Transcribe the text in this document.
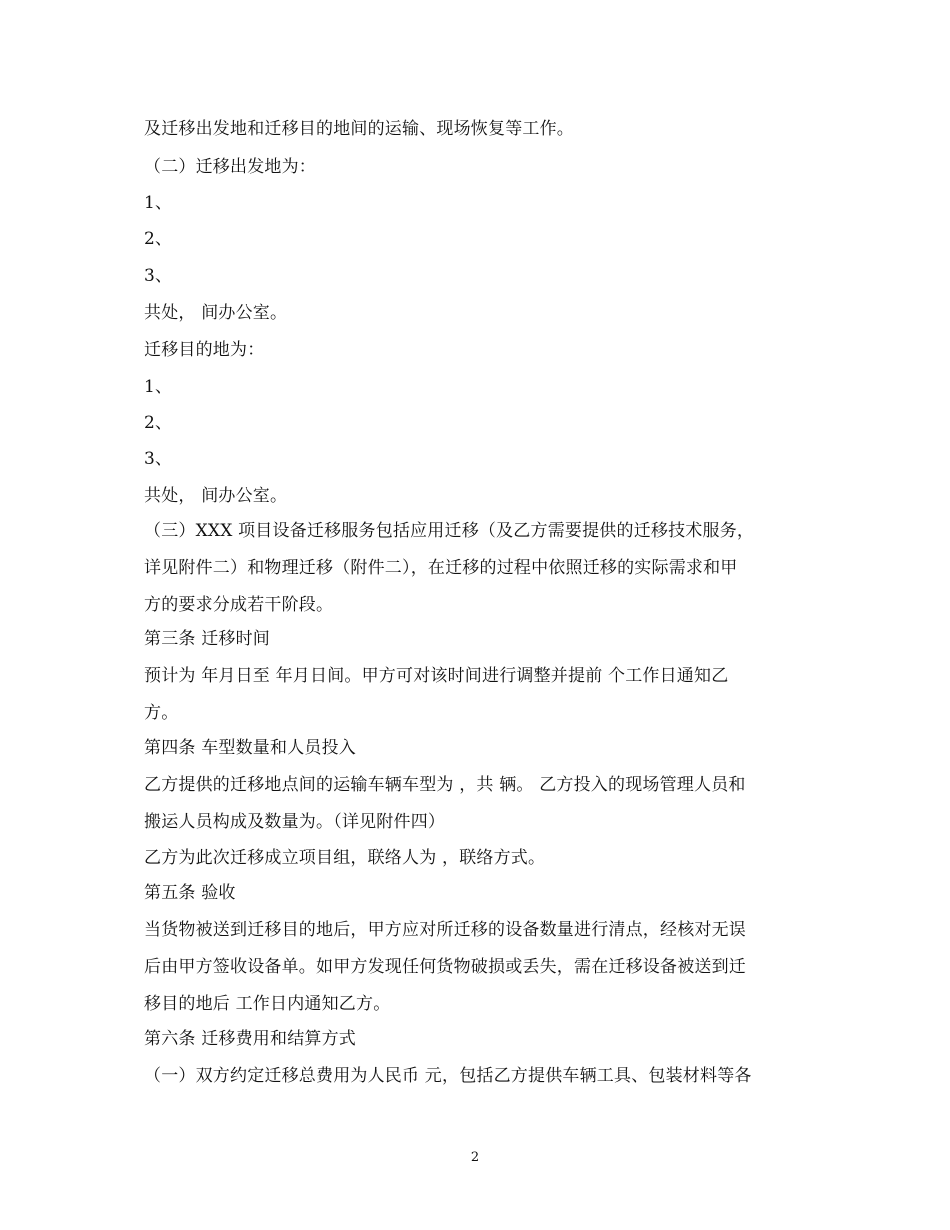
及迁移出发地和迁移目的地间的运输、现场恢复等工作。
（二）迁移出发地为：
1、
2、
3、
共处， 间办公室。
迁移目的地为：
1、
2、
3、
共处， 间办公室。
（三）XXX 项目设备迁移服务包括应用迁移（及乙方需要提供的迁移技术服务，
详见附件二）和物理迁移（附件二），在迁移的过程中依照迁移的实际需求和甲
方的要求分成若干阶段。
第三条 迁移时间
预计为 年月日至 年月日间。甲方可对该时间进行调整并提前 个工作日通知乙
方。
第四条 车型数量和人员投入
乙方提供的迁移地点间的运输车辆车型为 ，共 辆。 乙方投入的现场管理人员和
搬运人员构成及数量为。（详见附件四）
乙方为此次迁移成立项目组，联络人为 ，联络方式。
第五条 验收
当货物被送到迁移目的地后，甲方应对所迁移的设备数量进行清点，经核对无误
后由甲方签收设备单。如甲方发现任何货物破损或丢失，需在迁移设备被送到迁
移目的地后 工作日内通知乙方。
第六条 迁移费用和结算方式
（一）双方约定迁移总费用为人民币 元，包括乙方提供车辆工具、包装材料等各
2
